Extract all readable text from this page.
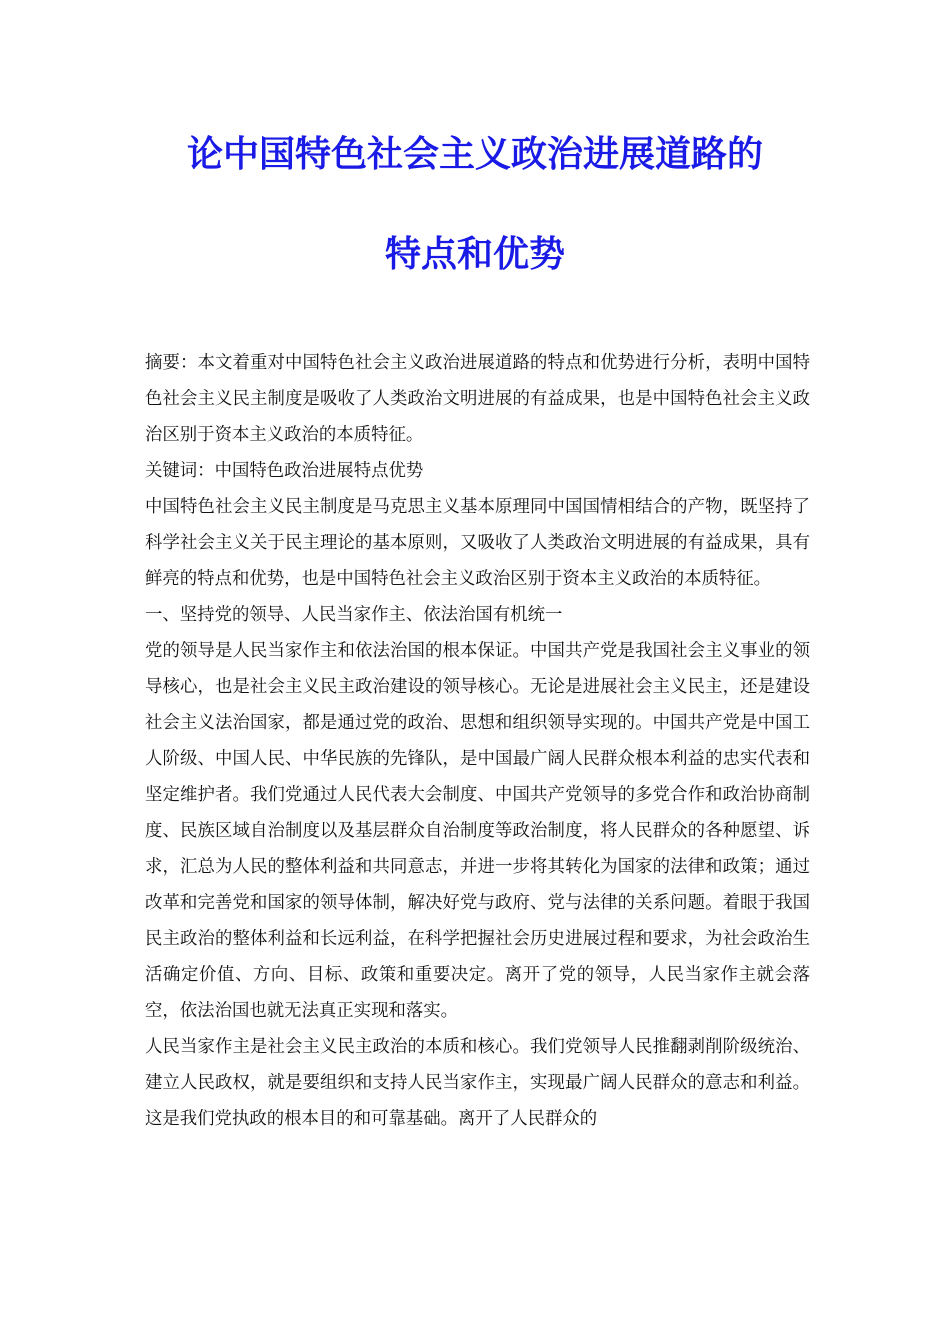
论中国特色社会主义政治进展道路的
特点和优势

摘要：本文着重对中国特色社会主义政治进展道路的特点和优势进行分析，表明中国特色社会主义民主制度是吸收了人类政治文明进展的有益成果，也是中国特色社会主义政治区别于资本主义政治的本质特征。

关键词：中国特色政治进展特点优势

中国特色社会主义民主制度是马克思主义基本原理同中国国情相结合的产物，既坚持了科学社会主义关于民主理论的基本原则，又吸收了人类政治文明进展的有益成果，具有鲜亮的特点和优势，也是中国特色社会主义政治区别于资本主义政治的本质特征。

一、坚持党的领导、人民当家作主、依法治国有机统一

党的领导是人民当家作主和依法治国的根本保证。中国共产党是我国社会主义事业的领导核心，也是社会主义民主政治建设的领导核心。无论是进展社会主义民主，还是建设社会主义法治国家，都是通过党的政治、思想和组织领导实现的。中国共产党是中国工人阶级、中国人民、中华民族的先锋队，是中国最广阔人民群众根本利益的忠实代表和坚定维护者。我们党通过人民代表大会制度、中国共产党领导的多党合作和政治协商制度、民族区域自治制度以及基层群众自治制度等政治制度，将人民群众的各种愿望、诉求，汇总为人民的整体利益和共同意志，并进一步将其转化为国家的法律和政策；通过改革和完善党和国家的领导体制，解决好党与政府、党与法律的关系问题。着眼于我国民主政治的整体利益和长远利益，在科学把握社会历史进展过程和要求，为社会政治生活确定价值、方向、目标、政策和重要决定。离开了党的领导，人民当家作主就会落空，依法治国也就无法真正实现和落实。

人民当家作主是社会主义民主政治的本质和核心。我们党领导人民推翻剥削阶级统治、建立人民政权，就是要组织和支持人民当家作主，实现最广阔人民群众的意志和利益。这是我们党执政的根本目的和可靠基础。离开了人民群众的
